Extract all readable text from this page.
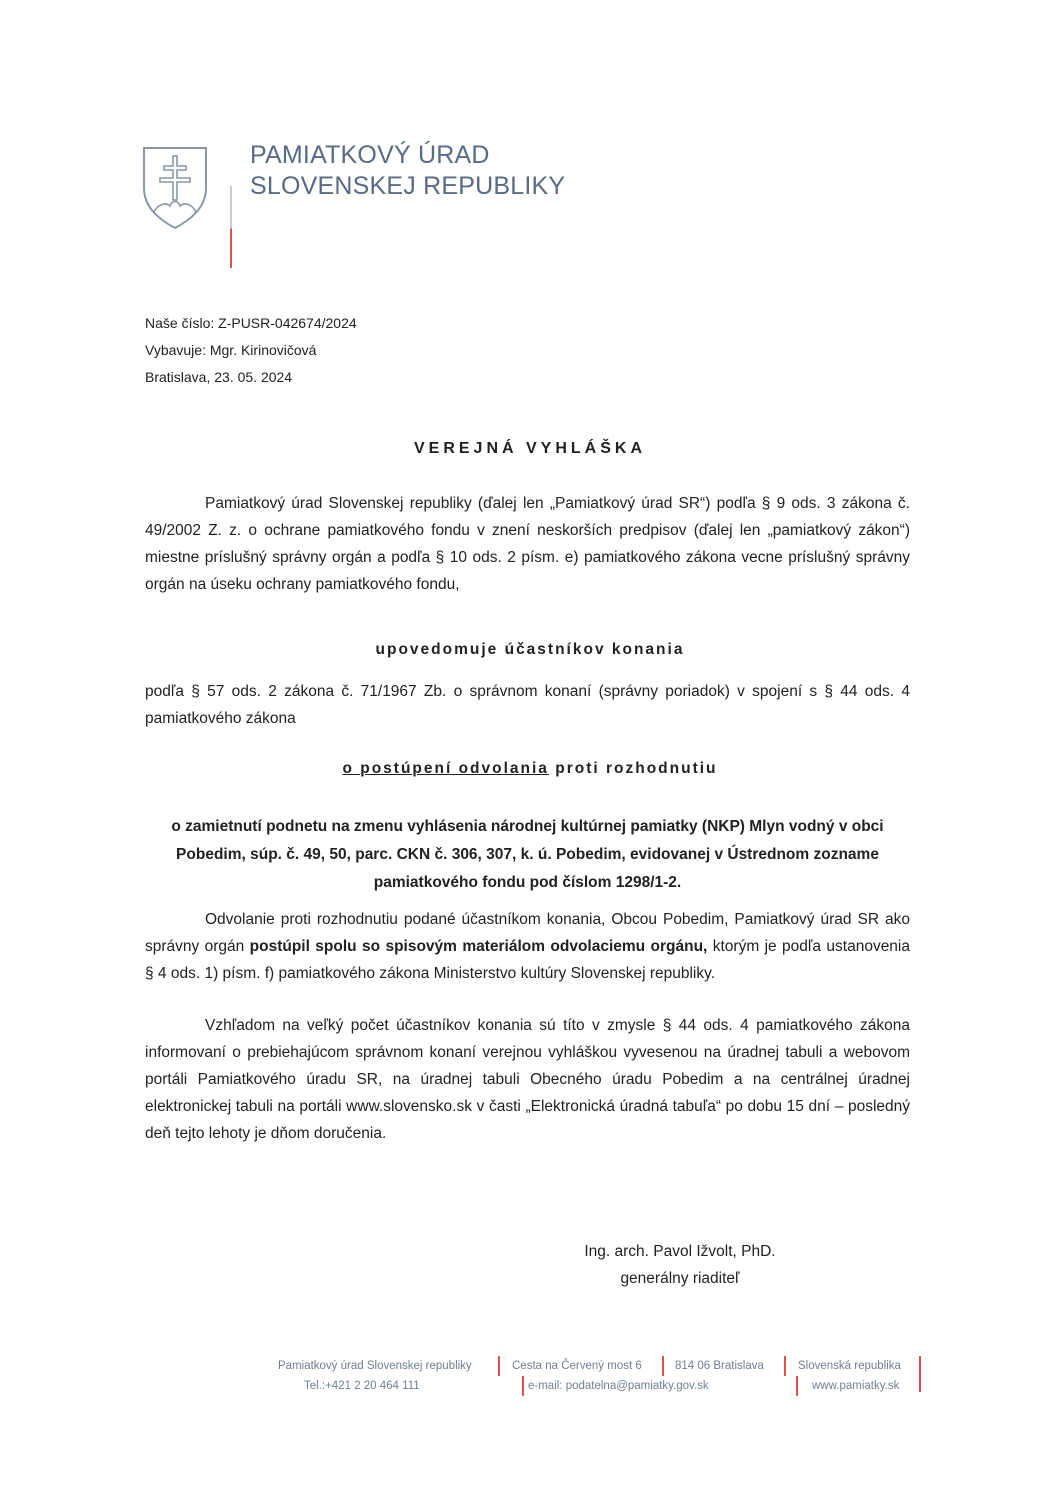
PAMIATKOVÝ ÚRAD
SLOVENSKEJ REPUBLIKY
Naše číslo: Z-PUSR-042674/2024
Vybavuje: Mgr. Kirinovičová
Bratislava, 23. 05. 2024
VEREJNÁ VYHLÁŠKA
Pamiatkový úrad Slovenskej republiky (ďalej len „Pamiatkový úrad SR“) podľa § 9 ods. 3 zákona č. 49/2002 Z. z. o ochrane pamiatkového fondu v znení neskorších predpisov (ďalej len „pamiatkový zákon“) miestne príslušný správny orgán a podľa § 10 ods. 2 písm. e) pamiatkového zákona vecne príslušný správny orgán na úseku ochrany pamiatkového fondu,
upovedomuje účastníkov konania
podľa § 57 ods. 2 zákona č. 71/1967 Zb. o správnom konaní (správny poriadok) v spojení s § 44 ods. 4 pamiatkového zákona
o postúpení odvolania proti rozhodnutiu
o zamietnutí podnetu na zmenu vyhlásenia národnej kultúrnej pamiatky (NKP) Mlyn vodný v obci
Pobedim, súp. č. 49, 50, parc. CKN č. 306, 307, k. ú. Pobedim, evidovanej v Ústrednom zozname
pamiatkového fondu pod číslom 1298/1-2.
Odvolanie proti rozhodnutiu podané účastníkom konania, Obcou Pobedim, Pamiatkový úrad SR ako správny orgán postúpil spolu so spisovým materiálom odvolaciemu orgánu, ktorým je podľa ustanovenia § 4 ods. 1) písm. f) pamiatkového zákona Ministerstvo kultúry Slovenskej republiky.
Vzhľadom na veľký počet účastníkov konania sú títo v zmysle § 44 ods. 4 pamiatkového zákona informovaní o prebiehajúcom správnom konaní verejnou vyhláškou vyvesenou na úradnej tabuli a webovom portáli Pamiatkového úradu SR, na úradnej tabuli Obecného úradu Pobedim a na centrálnej úradnej elektronickej tabuli na portáli www.slovensko.sk v časti „Elektronická úradná tabuľa“ po dobu 15 dní – posledný deň tejto lehoty je dňom doručenia.
Ing. arch. Pavol Ižvolt, PhD.
generálny riaditeľ
Pamiatkový úrad Slovenskej republiky	Cesta na Červený most 6	814 06 Bratislava	Slovenská republika
Tel.:+421 2 20 464 111	e-mail: podatelna@pamiatky.gov.sk	www.pamiatky.sk
